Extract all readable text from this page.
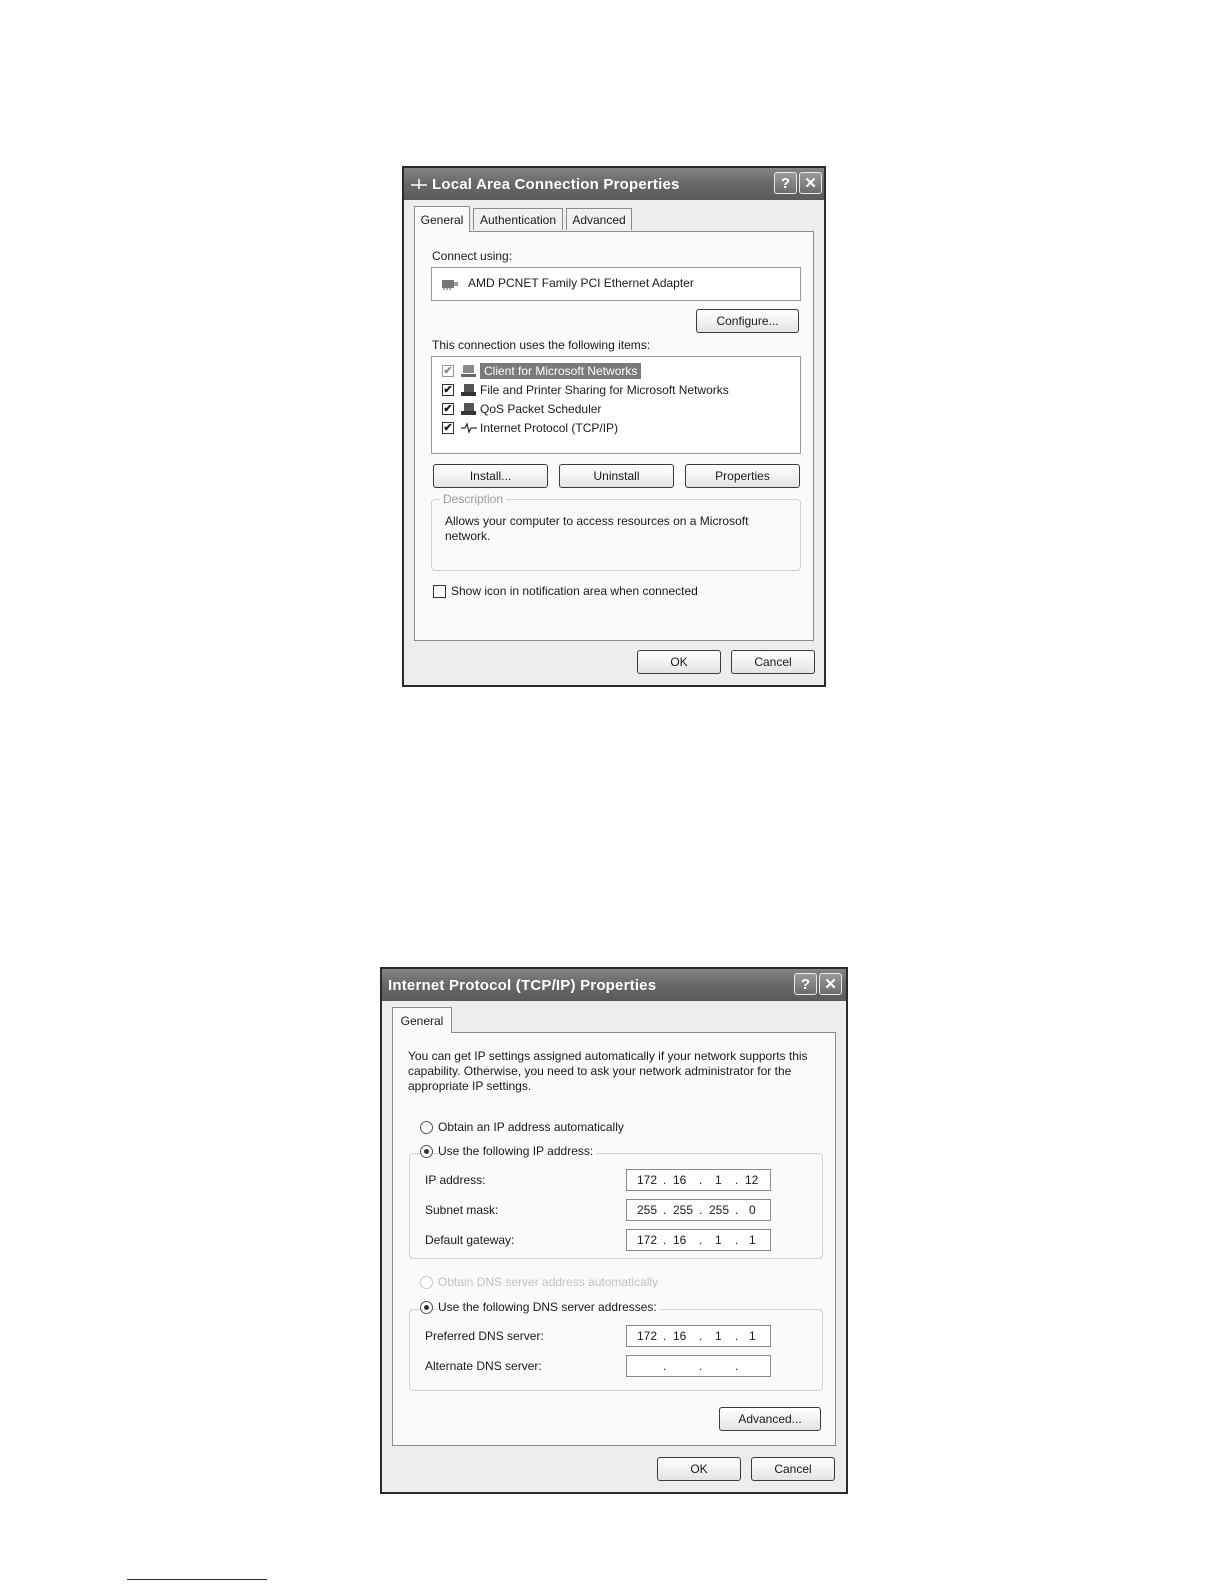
Local Area Connection Properties	? ✕
General	Authentication	Advanced
Connect using:
AMD PCNET Family PCI Ethernet Adapter
Configure...
This connection uses the following items:
✔	Client for Microsoft Networks
✔ File and Printer Sharing for Microsoft Networks
✔ QoS Packet Scheduler
✔ Internet Protocol (TCP/IP)
Install...	Uninstall	Properties
Description
Allows your computer to access resources on a Microsoft network.
Show icon in notification area when connected
OK	Cancel
Internet Protocol (TCP/IP) Properties	? ✕
General
You can get IP settings assigned automatically if your network supports this capability. Otherwise, you need to ask your network administrator for the appropriate IP settings.
Obtain an IP address automatically
Use the following IP address:
IP address:	172 . 16 . 1 . 12
Subnet mask:	255 . 255 . 255 . 0
Default gateway:	172 . 16 . 1 . 1
Obtain DNS server address automatically
Use the following DNS server addresses:
Preferred DNS server:	172 . 16 . 1 . 1
Alternate DNS server:	.	.	.
Advanced...
OK	Cancel
